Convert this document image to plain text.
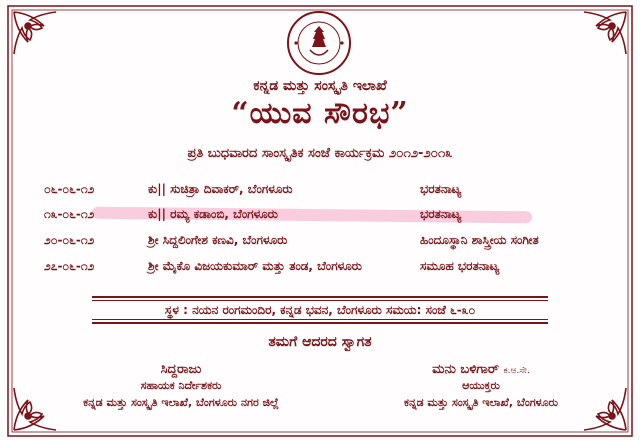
ಕನ್ನಡ ಮತ್ತು ಸಂಸ್ಕೃತಿ ಇಲಾಖೆ
“ಯುವ ಸೌರಭ”
ಪ್ರತಿ ಬುಧವಾರದ ಸಾಂಸ್ಕೃತಿಕ ಸಂಜೆ ಕಾರ್ಯಕ್ರಮ ೨೦೧೨-೨೦೧೩
೦೬-೦೬-೧೨	ಕು|| ಸುಚಿತ್ರಾ ದಿವಾಕರ್, ಬೆಂಗಳೂರು	ಭರತನಾಟ್ಯ
೧೩-೦೬-೧೨	ಕು|| ರಮ್ಯ ಕಡಾಂಬಿ, ಬೆಂಗಳೂರು	ಭರತನಾಟ್ಯ
೨೦-೦೬-೧೨	ಶ್ರೀ ಸಿದ್ದಲಿಂಗೇಶ ಕಣವಿ, ಬೆಂಗಳೂರು	ಹಿಂದೂಸ್ಥಾನಿ ಶಾಸ್ತ್ರೀಯ ಸಂಗೀತ
೨೭-೦೬-೧೨	ಶ್ರೀ ಮೈಕೊ ವಿಜಯಕುಮಾರ್ ಮತ್ತು ತಂಡ, ಬೆಂಗಳೂರು	ಸಮೂಹ ಭರತನಾಟ್ಯ
ಸ್ಥಳ : ನಯನ ರಂಗಮಂದಿರ, ಕನ್ನಡ ಭವನ, ಬೆಂಗಳೂರು ಸಮಯ: ಸಂಜೆ ೬-೩೦
ತಮಗೆ ಆದರದ ಸ್ವಾಗತ
ಸಿದ್ದರಾಜು
ಸಹಾಯಕ ನಿರ್ದೇಶಕರು
ಕನ್ನಡ ಮತ್ತು ಸಂಸ್ಕೃತಿ ಇಲಾಖೆ, ಬೆಂಗಳೂರು ನಗರ ಜಿಲ್ಲೆ
ಮನು ಬಳಿಗಾರ್ ಕ.ಆ.ಸೇ.
ಆಯುಕ್ತರು
ಕನ್ನಡ ಮತ್ತು ಸಂಸ್ಕೃತಿ ಇಲಾಖೆ, ಬೆಂಗಳೂರು
